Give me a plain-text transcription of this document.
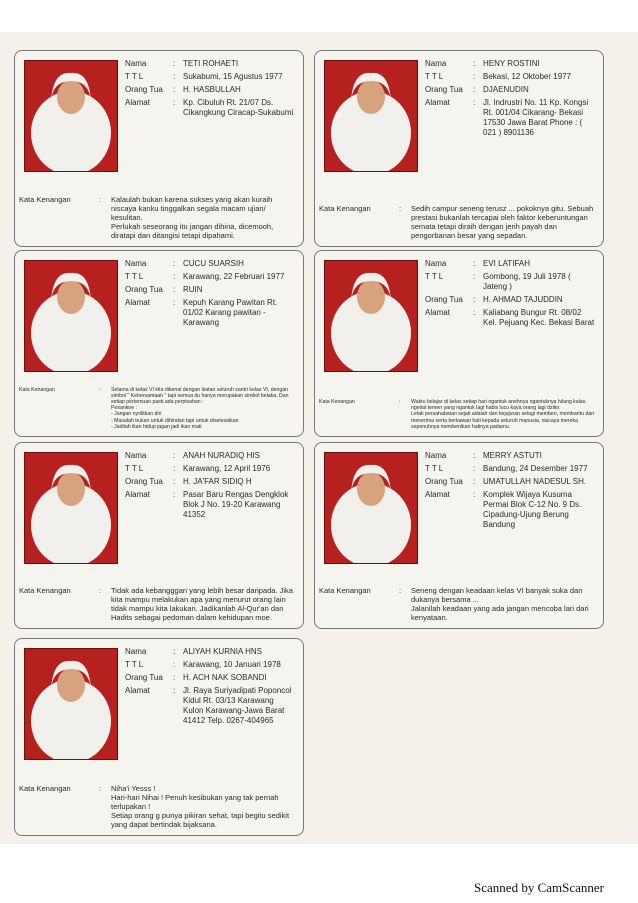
Nama	: TETI ROHAETI
T T L	: Sukabumi, 15 Agustus 1977
Orang Tua	: H. HASBULLAH
Alamat	: Kp. Cibuluh Rt. 21/07 Ds. Cikangkung Ciracap-Sukabumi
Kata Kenangan	:	Kalaulah bukan karena sukses yang akan kuraih niscaya kanku tinggalkan segala macam ujian/ kesulitan.
Perlukah seseorang itu jangan dihina, dicemooh, diratapi dan ditangisi tetapi dipahami.
Nama	: HENY ROSTINI
T T L	: Bekasi, 12 Oktober 1977
Orang Tua	: DJAENUDIN
Alamat	: Jl. Indrustri No. 11 Kp. Kongsi Rt. 001/04 Cikarang- Bekasi 17530 Jawa Barat Phone : ( 021 ) 8901136
Kata Kenangan	:	Sedih campur seneng terusz ... pokoknya gitu. Sebuah prestasi bukanlah tercapai oleh faktor keberuntungan semata tetapi diraih dengan jerih payah dan pengorbanan besar yang sepadan.
Nama	: CUCU SUARSIH
T T L	: Karawang, 22 Februari 1977
Orang Tua	: RUIN
Alamat	: Kepuh Karang Pawitan Rt. 01/02 Karang pawitan - Karawang
Kata Kenangan	:	Selama di kelas VI kita dikenal dengan ikatan seluruh santri kelas VI, dengan simbol " Kebersamaan " tapi semua itu hanya merupakan simbol belaka. Dan setiap pertemuan pasti ada perpisahan :
Pesankoe :
- Jangan nyolitkan diri
- Masalah bukan untuk dihindari tapi untuk diselesaikan
- Jadilah ikan hidup jagan jadi ikan mati
Nama	: EVI LATIFAH
T T L	: Gombong, 19 Juli 1978 ( Jateng )
Orang Tua	: H. AHMAD TAJUDDIN
Alamat	: Kaliabang Bungur Rt. 08/02 Kel. Pejuang Kec. Bekasi Barat
Kata Kenangan	:	Waktu belajar di kelas setiap hari ngantuk anehnya ngantuknya hilang kalau ngeliat temen yang ngantuk lagi habis lucu kaya orang lagi dzikir.
Letak persahabatan sejati adalah dari kejujuran selagi memberi, membantu dan menerima serta berkawan hati kepada seluruh manusia, niscaya mereka sepenuhnya membenikan hatinya padamu.
Nama	: ANAH NURADIQ HIS
T T L	: Karawang, 12 April 1976
Orang Tua	: H. JA'FAR SIDIQ H
Alamat	: Pasar Baru Rengas Dengklok Blok J No. 19-20 Karawang 41352
Kata Kenangan	:	Tidak ada kebangggan yang lebih besar daripada. Jika kita mampu melakukan apa yang menurut orang lain tidak mampu kita lakukan. Jadikanlah Al-Qur'an dan Hadits sebagai pedoman dalam kehidupan moe.
Nama	: MERRY ASTUTI
T T L	: Bandung, 24 Desember 1977
Orang Tua	: UMATULLAH NADESUL SH.
Alamat	: Komplek Wijaya Kusuma Permai Blok C-12 No. 9 Ds. Cipadung-Ujung Berung Bandung
Kata Kenangan	:	Seneng dengan keadaan kelas VI banyak suka dan dukanya bersama ...
Jalanilah keadaan yang ada jangan mencoba lari dari kenyataan.
Nama	: ALIYAH KURNIA HNS
T T L	: Karawang, 10 Januari 1978
Orang Tua	: H. ACH NAK SOBANDI
Alamat	: Jl. Raya Suriyadipati Poponcol Kidul Rt. 03/13 Karawang Kulon Karawang-Jawa Barat 41412 Telp. 0267-404965
Kata Kenangan	:	Niha'i Yesss !
Hari-hari Nihai ! Penuh kesibukan yang tak pernah terlupakan !
Setiap orang g punya pikiran sehat, tapi begitu sedikit yang dapat bertindak bijaksana.
Scanned by CamScanner
